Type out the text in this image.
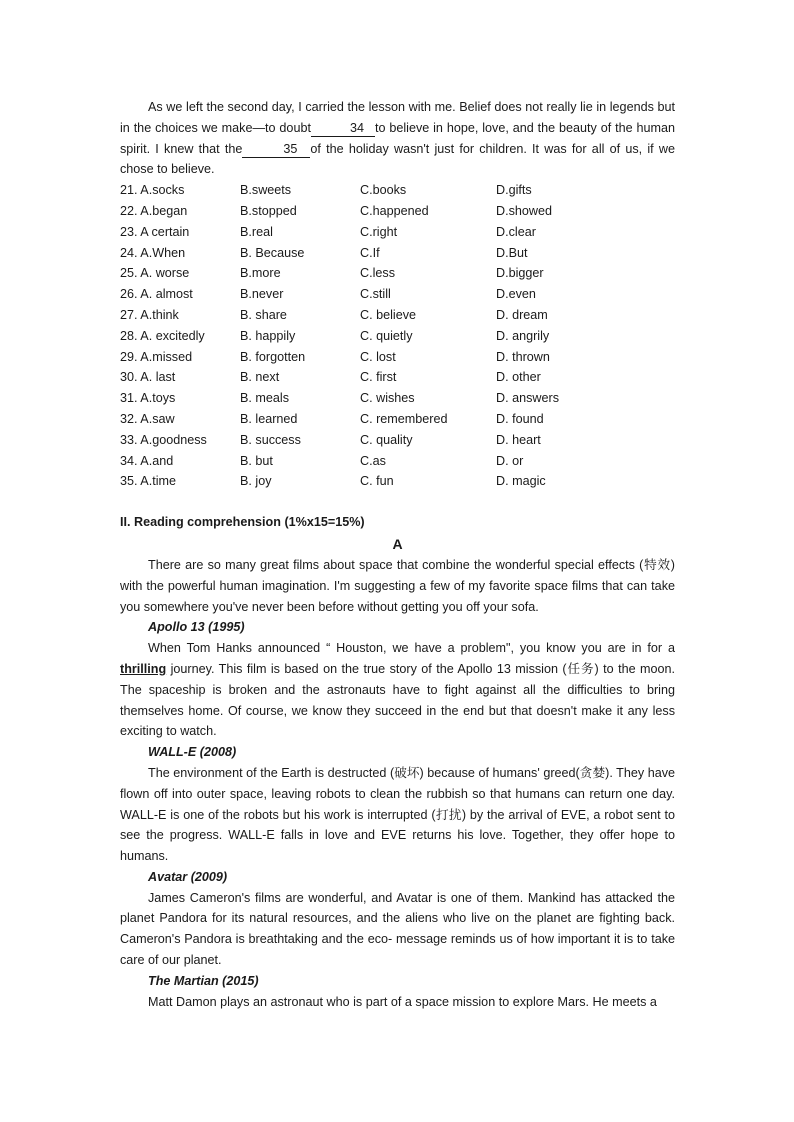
As we left the second day, I carried the lesson with me. Belief does not really lie in legends but in the choices we make—to doubt	34 to believe in hope, love, and the beauty of the human spirit. I knew that the	35 of the holiday wasn't just for children. It was for all of us, if we chose to believe.

21. A.socks	B.sweets	C.books	D.gifts
22. A.began	B.stopped	C.happened	D.showed
23. A certain	B.real	C.right	D.clear
24. A.When	B. Because	C.If	D.But
25. A. worse	B.more	C.less	D.bigger
26. A. almost	B.never	C.still	D.even
27. A.think	B. share	C. believe	D. dream
28. A. excitedly	B. happily	C. quietly	D. angrily
29. A.missed	B. forgotten	C. lost	D. thrown
30. A. last	B. next	C. first	D. other
31. A.toys	B. meals	C. wishes	D. answers
32. A.saw	B. learned	C. remembered	D. found
33. A.goodness	B. success	C. quality	D. heart
34. A.and	B. but	C.as	D. or
35. A.time	B. joy	C. fun	D. magic

II. Reading comprehension (1%x15=15%)

A

There are so many great films about space that combine the wonderful special effects (特效) with the powerful human imagination. I'm suggesting a few of my favorite space films that can take you somewhere you've never been before without getting you off your sofa.

Apollo 13 (1995)

When Tom Hanks announced “ Houston, we have a problem", you know you are in for a thrilling journey. This film is based on the true story of the Apollo 13 mission (任务) to the moon. The spaceship is broken and the astronauts have to fight against all the difficulties to bring themselves home. Of course, we know they succeed in the end but that doesn't make it any less exciting to watch.

WALL-E (2008)

The environment of the Earth is destructed (破坏) because of humans' greed(贪婪). They have flown off into outer space, leaving robots to clean the rubbish so that humans can return one day. WALL-E is one of the robots but his work is interrupted (打扰) by the arrival of EVE, a robot sent to see the progress. WALL-E falls in love and EVE returns his love. Together, they offer hope to humans.

Avatar (2009)

James Cameron's films are wonderful, and Avatar is one of them. Mankind has attacked the planet Pandora for its natural resources, and the aliens who live on the planet are fighting back. Cameron's Pandora is breathtaking and the eco- message reminds us of how important it is to take care of our planet.

The Martian (2015)

Matt Damon plays an astronaut who is part of a space mission to explore Mars. He meets a
